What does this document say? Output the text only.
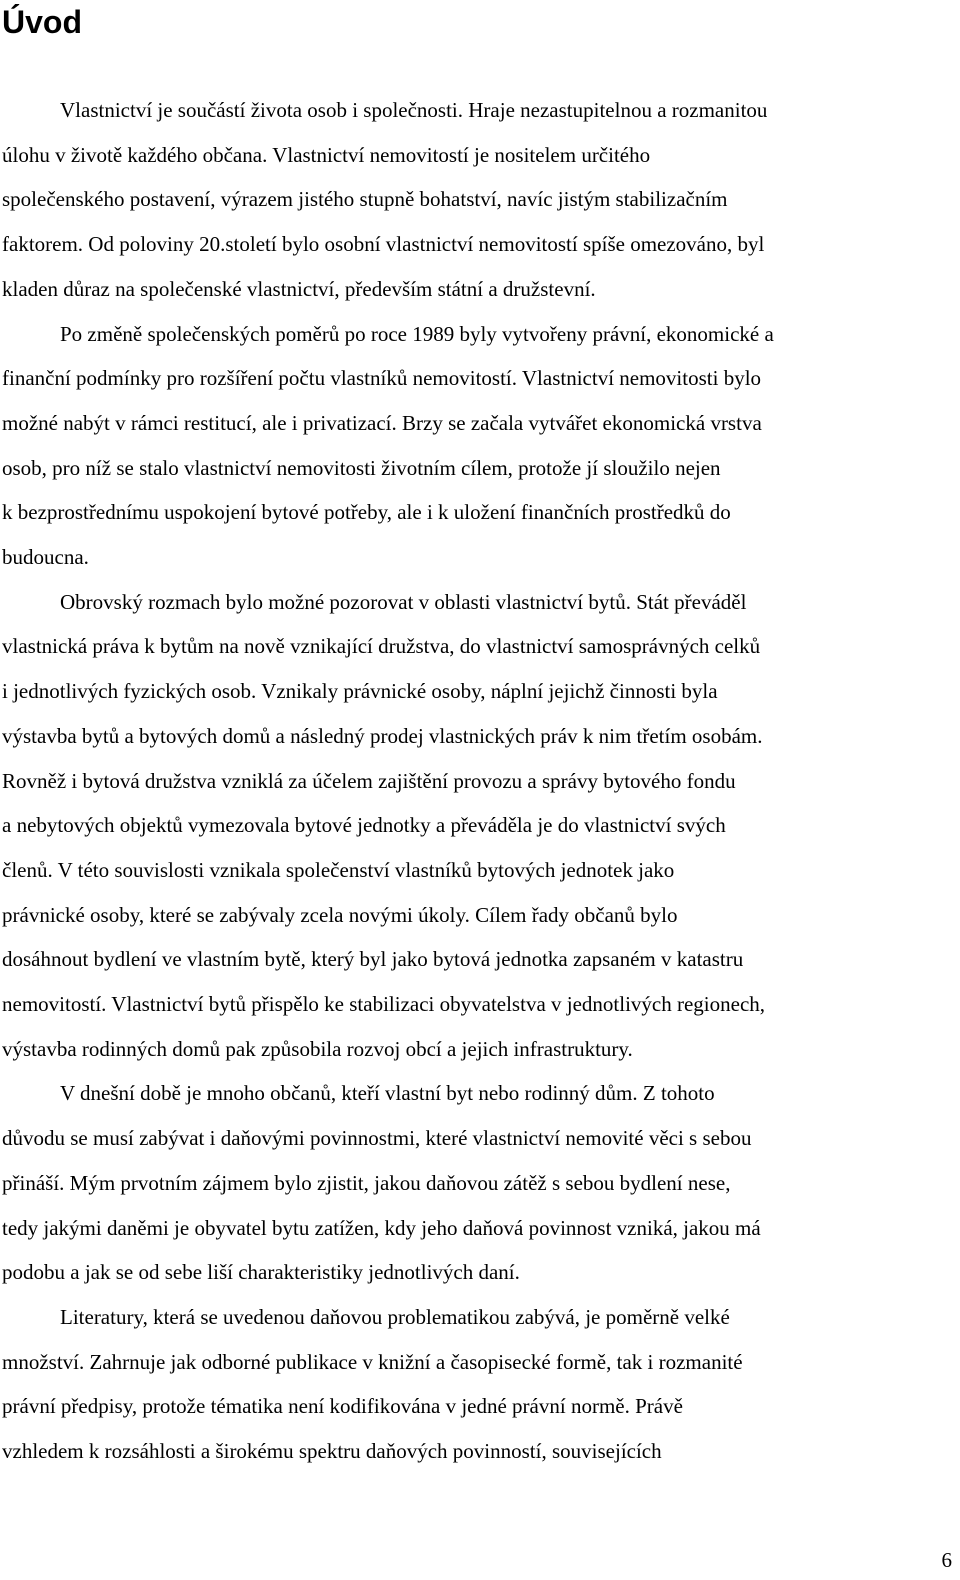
Úvod

Vlastnictví je součástí života osob i společnosti. Hraje nezastupitelnou a rozmanitou
úlohu v životě každého občana. Vlastnictví nemovitostí je nositelem určitého
společenského postavení, výrazem jistého stupně bohatství, navíc jistým stabilizačním
faktorem. Od poloviny 20.století bylo osobní vlastnictví nemovitostí spíše omezováno, byl
kladen důraz na společenské vlastnictví, především státní a družstevní.

Po změně společenských poměrů po roce 1989 byly vytvořeny právní, ekonomické a
finanční podmínky pro rozšíření počtu vlastníků nemovitostí. Vlastnictví nemovitosti bylo
možné nabýt v rámci restitucí, ale i privatizací. Brzy se začala vytvářet ekonomická vrstva
osob, pro níž se stalo vlastnictví nemovitosti životním cílem, protože jí sloužilo nejen
k bezprostřednímu uspokojení bytové potřeby, ale i k uložení finančních prostředků do
budoucna.

Obrovský rozmach bylo možné pozorovat v oblasti vlastnictví bytů. Stát převáděl
vlastnická práva k bytům na nově vznikající družstva, do vlastnictví samosprávných celků
i jednotlivých fyzických osob. Vznikaly právnické osoby, náplní jejichž činnosti byla
výstavba bytů a bytových domů a následný prodej vlastnických práv k nim třetím osobám.
Rovněž i bytová družstva vzniklá za účelem zajištění provozu a správy bytového fondu
a nebytových objektů vymezovala bytové jednotky a převáděla je do vlastnictví svých
členů. V této souvislosti vznikala společenství vlastníků bytových jednotek jako
právnické osoby, které se zabývaly zcela novými úkoly. Cílem řady občanů bylo
dosáhnout bydlení ve vlastním bytě, který byl jako bytová jednotka zapsaném v katastru
nemovitostí. Vlastnictví bytů přispělo ke stabilizaci obyvatelstva v jednotlivých regionech,
výstavba rodinných domů pak způsobila rozvoj obcí a jejich infrastruktury.

V dnešní době je mnoho občanů, kteří vlastní byt nebo rodinný dům. Z tohoto
důvodu se musí zabývat i daňovými povinnostmi, které vlastnictví nemovité věci s sebou
přináší. Mým prvotním zájmem bylo zjistit, jakou daňovou zátěž s sebou bydlení nese,
tedy jakými daněmi je obyvatel bytu zatížen, kdy jeho daňová povinnost vzniká, jakou má
podobu a jak se od sebe liší charakteristiky jednotlivých daní.

Literatury, která se uvedenou daňovou problematikou zabývá, je poměrně velké
množství. Zahrnuje jak odborné publikace v knižní a časopisecké formě, tak i rozmanité
právní předpisy, protože tématika není kodifikována v jedné právní normě. Právě
vzhledem k rozsáhlosti a širokému spektru daňových povinností, souvisejících

6
